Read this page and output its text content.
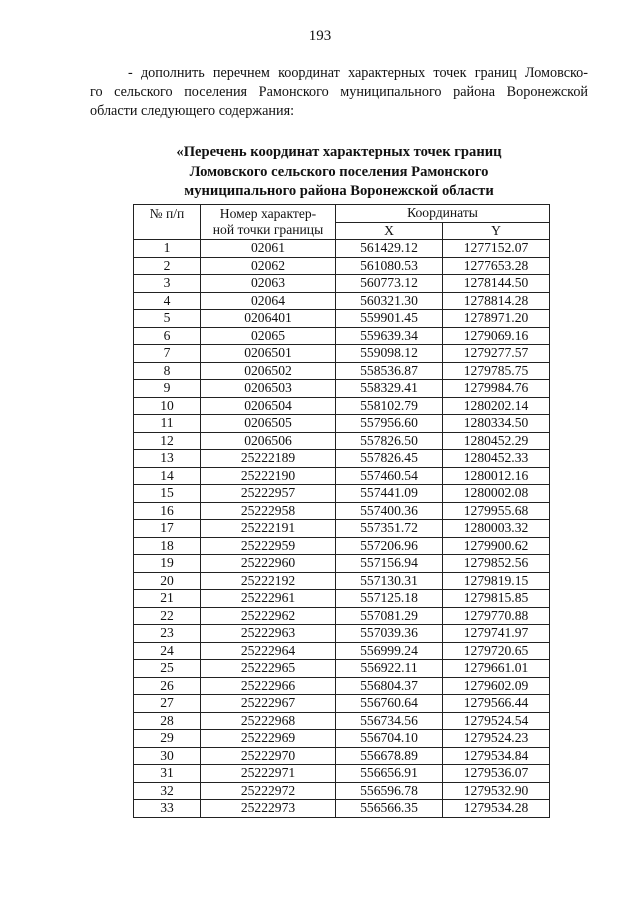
193
- дополнить перечнем координат характерных точек границ Ломовско-
го сельского поселения Рамонского муниципального района Воронежской
области следующего содержания:
«Перечень координат характерных точек границ
Ломовского сельского поселения Рамонского
муниципального района Воронежской области
№ п/п	Номер характер-
ной точки границы	Координаты	
		X	Y
1	02061	561429.12	1277152.07
2	02062	561080.53	1277653.28
3	02063	560773.12	1278144.50
4	02064	560321.30	1278814.28
5	0206401	559901.45	1278971.20
6	02065	559639.34	1279069.16
7	0206501	559098.12	1279277.57
8	0206502	558536.87	1279785.75
9	0206503	558329.41	1279984.76
10	0206504	558102.79	1280202.14
11	0206505	557956.60	1280334.50
12	0206506	557826.50	1280452.29
13	25222189	557826.45	1280452.33
14	25222190	557460.54	1280012.16
15	25222957	557441.09	1280002.08
16	25222958	557400.36	1279955.68
17	25222191	557351.72	1280003.32
18	25222959	557206.96	1279900.62
19	25222960	557156.94	1279852.56
20	25222192	557130.31	1279819.15
21	25222961	557125.18	1279815.85
22	25222962	557081.29	1279770.88
23	25222963	557039.36	1279741.97
24	25222964	556999.24	1279720.65
25	25222965	556922.11	1279661.01
26	25222966	556804.37	1279602.09
27	25222967	556760.64	1279566.44
28	25222968	556734.56	1279524.54
29	25222969	556704.10	1279524.23
30	25222970	556678.89	1279534.84
31	25222971	556656.91	1279536.07
32	25222972	556596.78	1279532.90
33	25222973	556566.35	1279534.28
